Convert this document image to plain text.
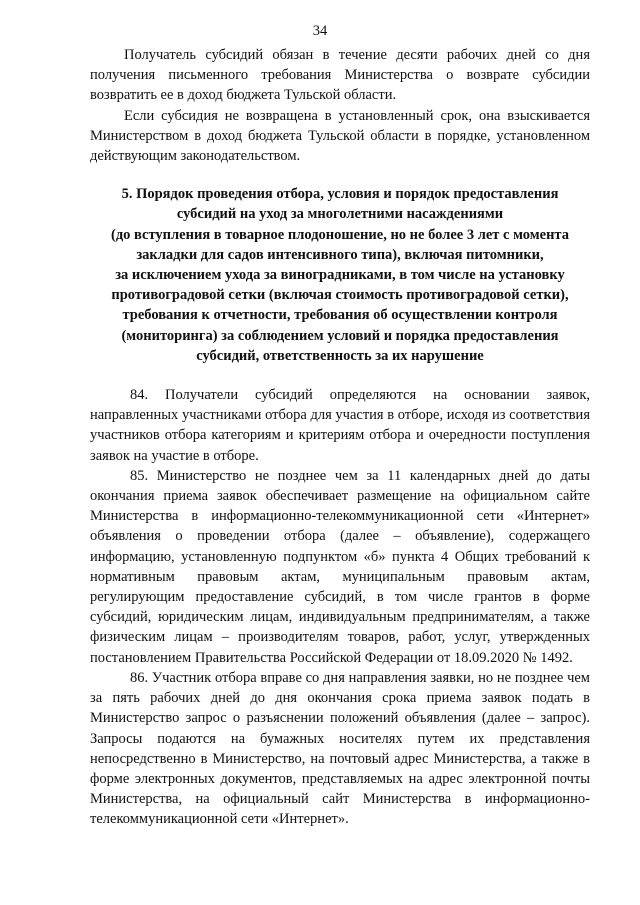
34

Получатель субсидий обязан в течение десяти рабочих дней со дня получения письменного требования Министерства о возврате субсидии возвратить ее в доход бюджета Тульской области.

Если субсидия не возвращена в установленный срок, она взыскивается Министерством в доход бюджета Тульской области в порядке, установленном действующим законодательством.

5. Порядок проведения отбора, условия и порядок предоставления
субсидий на уход за многолетними насаждениями
(до вступления в товарное плодоношение, но не более 3 лет с момента
закладки для садов интенсивного типа), включая питомники,
за исключением ухода за виноградниками, в том числе на установку
противоградовой сетки (включая стоимость противоградовой сетки),
требования к отчетности, требования об осуществлении контроля
(мониторинга) за соблюдением условий и порядка предоставления
субсидий, ответственность за их нарушение

84. Получатели субсидий определяются на основании заявок, направленных участниками отбора для участия в отборе, исходя из соответствия участников отбора категориям и критериям отбора и очередности поступления заявок на участие в отборе.

85. Министерство не позднее чем за 11 календарных дней до даты окончания приема заявок обеспечивает размещение на официальном сайте Министерства в информационно-телекоммуникационной сети «Интернет» объявления о проведении отбора (далее – объявление), содержащего информацию, установленную подпунктом «б» пункта 4 Общих требований к нормативным правовым актам, муниципальным правовым актам, регулирующим предоставление субсидий, в том числе грантов в форме субсидий, юридическим лицам, индивидуальным предпринимателям, а также физическим лицам – производителям товаров, работ, услуг, утвержденных постановлением Правительства Российской Федерации от 18.09.2020 № 1492.

86. Участник отбора вправе со дня направления заявки, но не позднее чем за пять рабочих дней до дня окончания срока приема заявок подать в Министерство запрос о разъяснении положений объявления (далее – запрос). Запросы подаются на бумажных носителях путем их представления непосредственно в Министерство, на почтовый адрес Министерства, а также в форме электронных документов, представляемых на адрес электронной почты Министерства, на официальный сайт Министерства в информационно-телекоммуникационной сети «Интернет».
